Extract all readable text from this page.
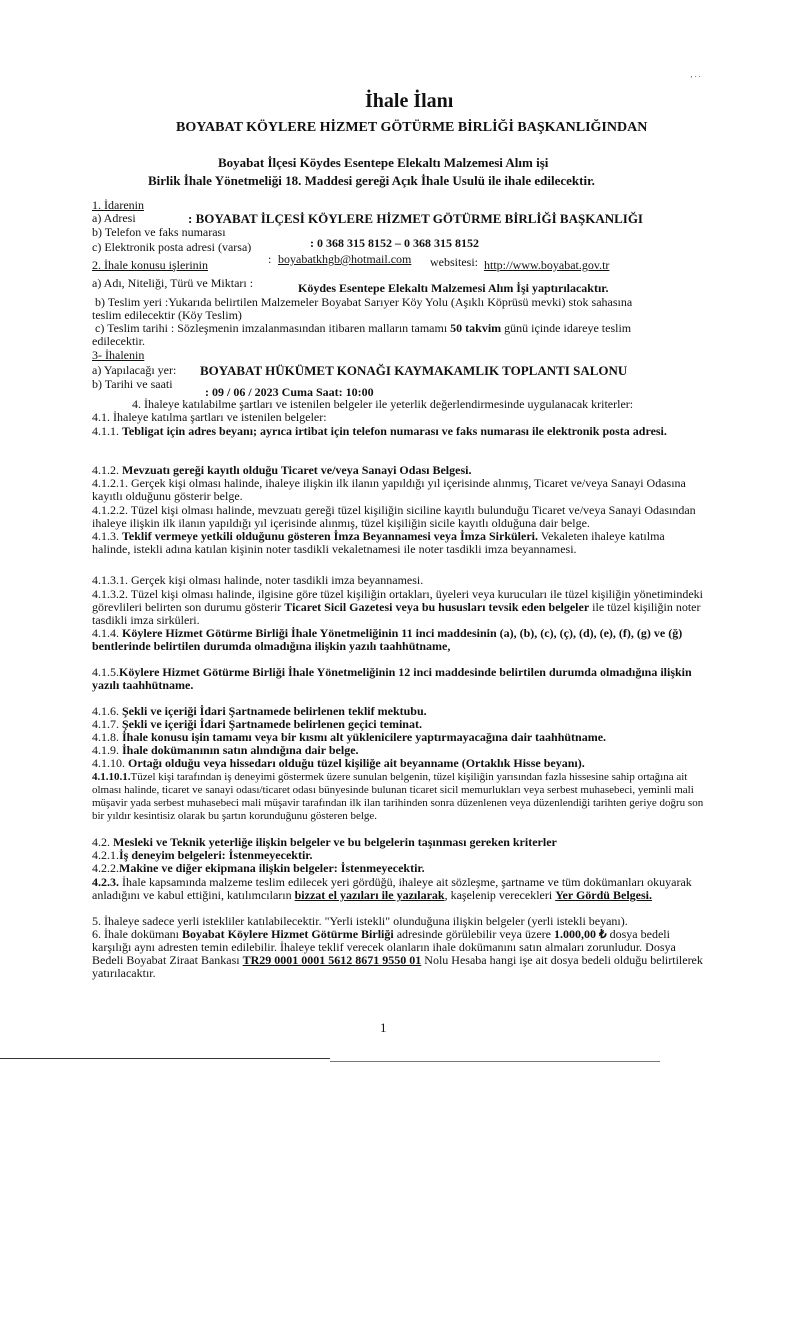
‚ . .
İhale İlanı
BOYABAT KÖYLERE HİZMET GÖTÜRME BİRLİĞİ BAŞKANLIĞINDAN
Boyabat İlçesi Köydes Esentepe Elekaltı Malzemesi Alım işi
Birlik İhale Yönetmeliği 18. Maddesi gereği Açık İhale Usulü ile ihale edilecektir.
1. İdarenin
a) Adresi	: BOYABAT İLÇESİ KÖYLERE HİZMET GÖTÜRME BİRLİĞİ BAŞKANLIĞI
b) Telefon ve faks numarası
: 0 368 315 8152 – 0 368 315 8152
c) Elektronik posta adresi (varsa)
: boyabatkhgb@hotmail.com websitesi: http://www.boyabat.gov.tr
2. İhale konusu işlerinin
a) Adı, Niteliği, Türü ve Miktarı :	Köydes Esentepe Elekaltı Malzemesi Alım İşi yaptırılacaktır.
b) Teslim yeri :Yukarıda belirtilen Malzemeler Boyabat Sarıyer Köy Yolu (Aşıklı Köprüsü mevki) stok sahasına
teslim edilecektir (Köy Teslim)
c) Teslim tarihi : Sözleşmenin imzalanmasından itibaren malların tamamı 50 takvim günü içinde idareye teslim
edilecektir.
3- İhalenin
a) Yapılacağı yer: BOYABAT HÜKÜMET KONAĞI KAYMAKAMLIK TOPLANTI SALONU
b) Tarihi ve saati
: 09 / 06 / 2023 Cuma Saat: 10:00
4. İhaleye katılabilme şartları ve istenilen belgeler ile yeterlik değerlendirmesinde uygulanacak kriterler:
4.1. İhaleye katılma şartları ve istenilen belgeler:
4.1.1. Tebligat için adres beyanı; ayrıca irtibat için telefon numarası ve faks numarası ile elektronik posta adresi.
4.1.2. Mevzuatı gereği kayıtlı olduğu Ticaret ve/veya Sanayi Odası Belgesi.
4.1.2.1. Gerçek kişi olması halinde, ihaleye ilişkin ilk ilanın yapıldığı yıl içerisinde alınmış, Ticaret ve/veya Sanayi Odasına kayıtlı olduğunu gösterir belge.
4.1.2.2. Tüzel kişi olması halinde, mevzuatı gereği tüzel kişiliğin siciline kayıtlı bulunduğu Ticaret ve/veya Sanayi Odasından ihaleye ilişkin ilk ilanın yapıldığı yıl içerisinde alınmış, tüzel kişiliğin sicile kayıtlı olduğuna dair belge.
4.1.3. Teklif vermeye yetkili olduğunu gösteren İmza Beyannamesi veya İmza Sirküleri. Vekaleten ihaleye katılma halinde, istekli adına katılan kişinin noter tasdikli vekaletnamesi ile noter tasdikli imza beyannamesi.
4.1.3.1. Gerçek kişi olması halinde, noter tasdikli imza beyannamesi.
4.1.3.2. Tüzel kişi olması halinde, ilgisine göre tüzel kişiliğin ortakları, üyeleri veya kurucuları ile tüzel kişiliğin yönetimindeki görevlileri belirten son durumu gösterir Ticaret Sicil Gazetesi veya bu hususları tevsik eden belgeler ile tüzel kişiliğin noter tasdikli imza sirküleri.
4.1.4. Köylere Hizmet Götürme Birliği İhale Yönetmeliğinin 11 inci maddesinin (a), (b), (c), (ç), (d), (e), (f), (g) ve (ğ) bentlerinde belirtilen durumda olmadığına ilişkin yazılı taahhütname,
4.1.5.Köylere Hizmet Götürme Birliği İhale Yönetmeliğinin 12 inci maddesinde belirtilen durumda olmadığına ilişkin yazılı taahhütname.
4.1.6. Şekli ve içeriği İdari Şartnamede belirlenen teklif mektubu.
4.1.7. Şekli ve içeriği İdari Şartnamede belirlenen geçici teminat.
4.1.8. İhale konusu işin tamamı veya bir kısmı alt yüklenicilere yaptırmayacağına dair taahhütname.
4.1.9. İhale dokümanının satın alındığına dair belge.
4.1.10. Ortağı olduğu veya hissedarı olduğu tüzel kişiliğe ait beyanname (Ortaklık Hisse beyanı).
4.1.10.1.Tüzel kişi tarafından iş deneyimi göstermek üzere sunulan belgenin, tüzel kişiliğin yarısından fazla hissesine sahip ortağına ait olması halinde, ticaret ve sanayi odası/ticaret odası bünyesinde bulunan ticaret sicil memurlukları veya serbest muhasebeci, yeminli mali müşavir yada serbest muhasebeci mali müşavir tarafından ilk ilan tarihinden sonra düzenlenen veya düzenlendiği tarihten geriye doğru son bir yıldır kesintisiz olarak bu şartın korunduğunu gösteren belge.
4.2. Mesleki ve Teknik yeterliğe ilişkin belgeler ve bu belgelerin taşınması gereken kriterler
4.2.1.İş deneyim belgeleri: İstenmeyecektir.
4.2.2.Makine ve diğer ekipmana ilişkin belgeler: İstenmeyecektir.
4.2.3. İhale kapsamında malzeme teslim edilecek yeri gördüğü, ihaleye ait sözleşme, şartname ve tüm dokümanları okuyarak anladığını ve kabul ettiğini, katılımcıların bizzat el yazıları ile yazılarak, kaşelenip verecekleri Yer Gördü Belgesi.
5. İhaleye sadece yerli istekliler katılabilecektir. "Yerli istekli" olunduğuna ilişkin belgeler (yerli istekli beyanı).
6. İhale dokümanı Boyabat Köylere Hizmet Götürme Birliği adresinde görülebilir veya üzere 1.000,00 ₺ dosya bedeli karşılığı aynı adresten temin edilebilir. İhaleye teklif verecek olanların ihale dokümanını satın almaları zorunludur. Dosya Bedeli Boyabat Ziraat Bankası TR29 0001 0001 5612 8671 9550 01 Nolu Hesaba hangi işe ait dosya bedeli olduğu belirtilerek yatırılacaktır.
1
